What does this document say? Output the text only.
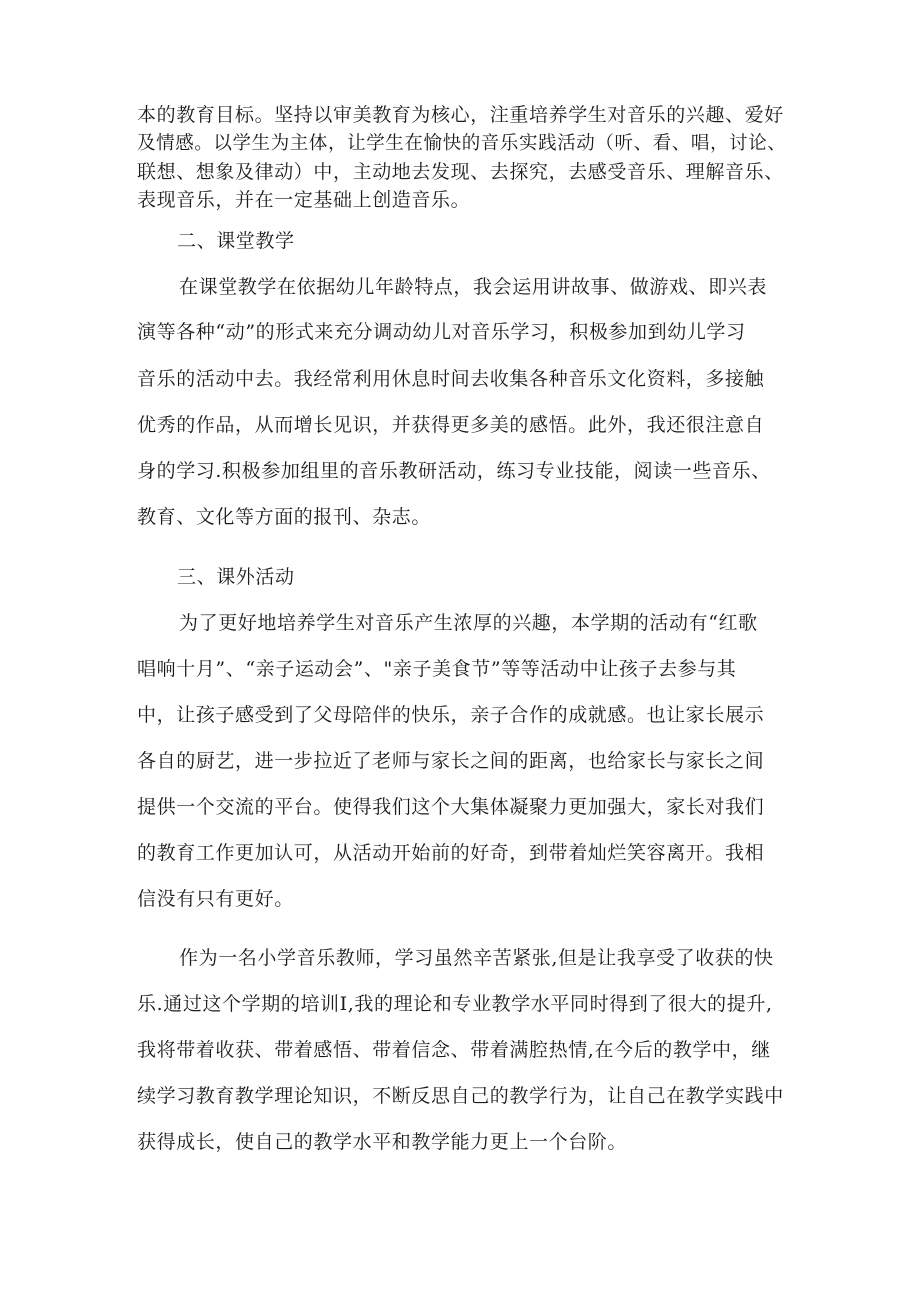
本的教育目标。坚持以审美教育为核心，注重培养学生对音乐的兴趣、爱好
及情感。以学生为主体，让学生在愉快的音乐实践活动（听、看、唱，讨论、
联想、想象及律动）中，主动地去发现、去探究，去感受音乐、理解音乐、
表现音乐，并在一定基础上创造音乐。
二、课堂教学
在课堂教学在依据幼儿年龄特点，我会运用讲故事、做游戏、即兴表
演等各种“动”的形式来充分调动幼儿对音乐学习，积极参加到幼儿学习
音乐的活动中去。我经常利用休息时间去收集各种音乐文化资料，多接触
优秀的作品，从而增长见识，并获得更多美的感悟。此外，我还很注意自
身的学习.积极参加组里的音乐教研活动，练习专业技能，阅读一些音乐、
教育、文化等方面的报刊、杂志。
三、课外活动
为了更好地培养学生对音乐产生浓厚的兴趣，本学期的活动有“红歌
唱响十月”、“亲子运动会”、"亲子美食节”等等活动中让孩子去参与其
中，让孩子感受到了父母陪伴的快乐，亲子合作的成就感。也让家长展示
各自的厨艺，进一步拉近了老师与家长之间的距离，也给家长与家长之间
提供一个交流的平台。使得我们这个大集体凝聚力更加强大，家长对我们
的教育工作更加认可，从活动开始前的好奇，到带着灿烂笑容离开。我相
信没有只有更好。
作为一名小学音乐教师，学习虽然辛苦紧张,但是让我享受了收获的快
乐.通过这个学期的培训I,我的理论和专业教学水平同时得到了很大的提升,
我将带着收获、带着感悟、带着信念、带着满腔热情,在今后的教学中，继
续学习教育教学理论知识，不断反思自己的教学行为，让自己在教学实践中
获得成长，使自己的教学水平和教学能力更上一个台阶。
